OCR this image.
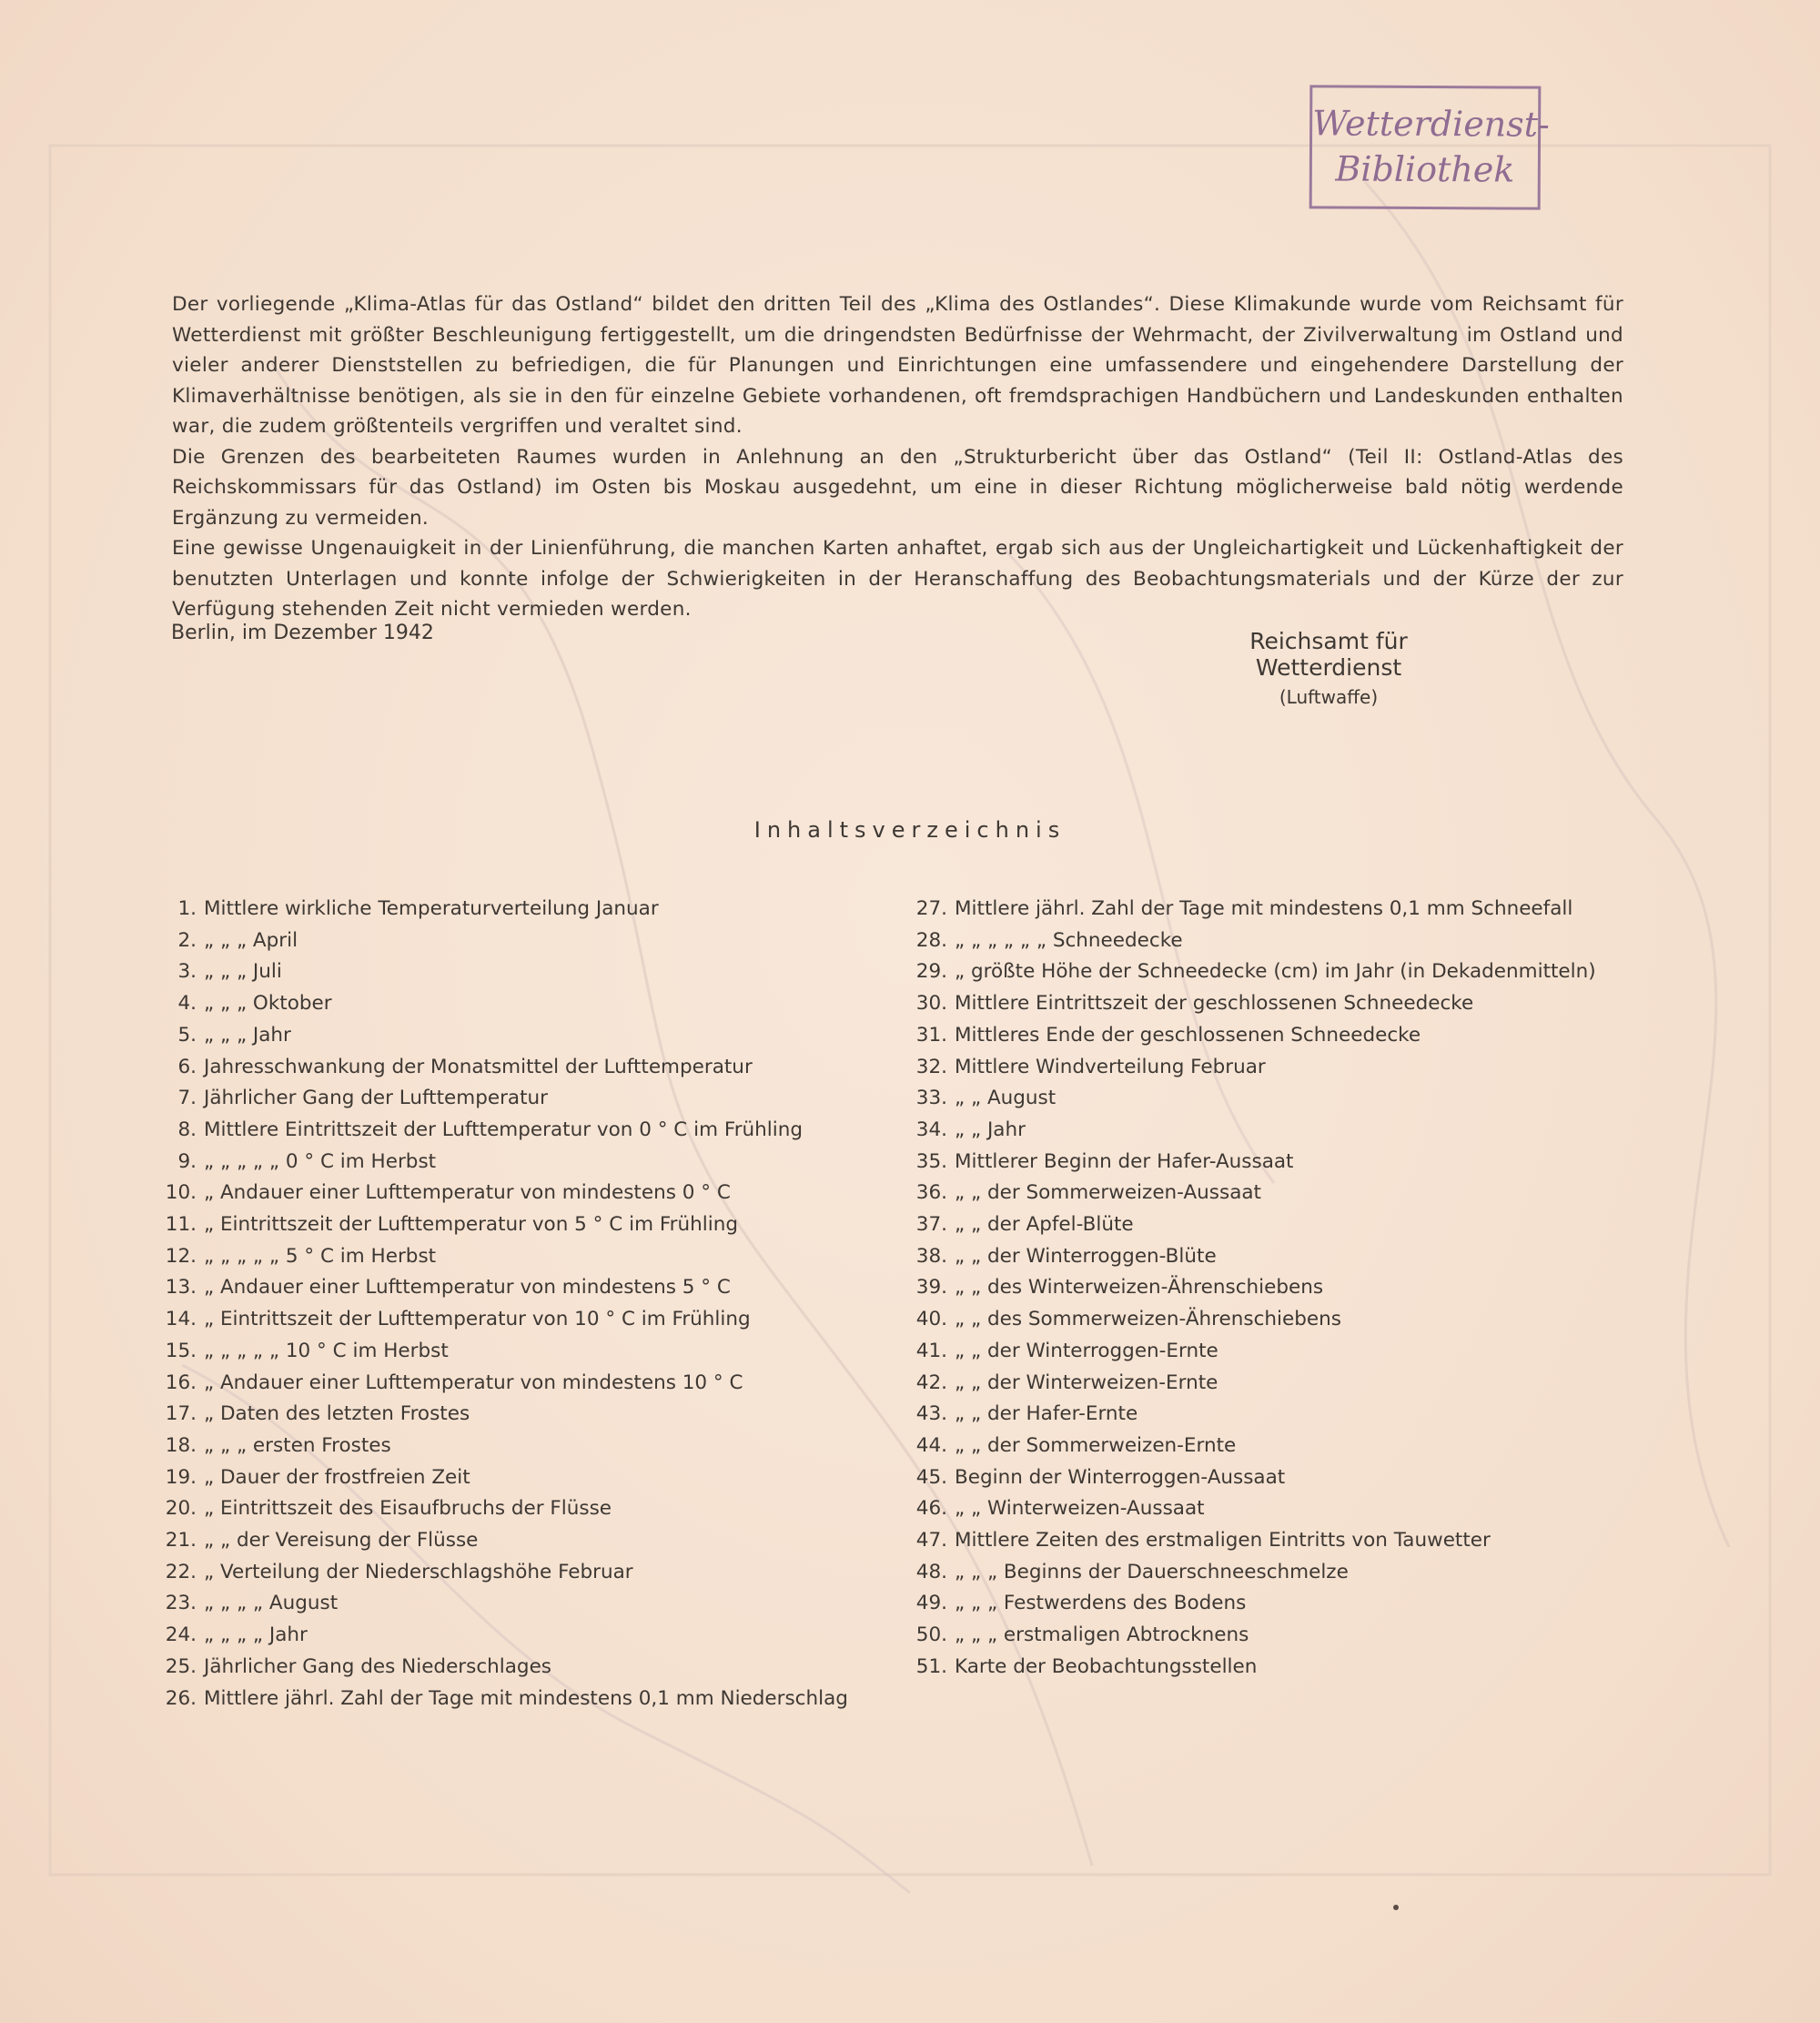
Wetterdienst-
Bibliothek

Der vorliegende „Klima-Atlas für das Ostland“ bildet den dritten Teil des „Klima des Ostlandes“. Diese Klimakunde wurde vom Reichsamt für Wetterdienst mit größter Beschleunigung fertiggestellt, um die dringendsten Bedürfnisse der Wehrmacht, der Zivilverwaltung im Ostland und vieler anderer Dienststellen zu befriedigen, die für Planungen und Einrichtungen eine umfassendere und eingehendere Darstellung der Klimaverhältnisse benötigen, als sie in den für einzelne Gebiete vorhandenen, oft fremdsprachigen Handbüchern und Landeskunden enthalten war, die zudem größtenteils vergriffen und veraltet sind.

Die Grenzen des bearbeiteten Raumes wurden in Anlehnung an den „Strukturbericht über das Ostland“ (Teil II: Ostland-Atlas des Reichskommissars für das Ostland) im Osten bis Moskau ausgedehnt, um eine in dieser Richtung möglicherweise bald nötig werdende Ergänzung zu vermeiden.

Eine gewisse Ungenauigkeit in der Linienführung, die manchen Karten anhaftet, ergab sich aus der Ungleichartigkeit und Lückenhaftigkeit der benutzten Unterlagen und konnte infolge der Schwierigkeiten in der Heranschaffung des Beobachtungsmaterials und der Kürze der zur Verfügung stehenden Zeit nicht vermieden werden.

Berlin, im Dezember 1942	Reichsamt für Wetterdienst
(Luftwaffe)
Inhaltsverzeichnis
1. Mittlere wirkliche Temperaturverteilung Januar
2. „ „ „ April
3. „ „ „ Juli
4. „ „ „ Oktober
5. „ „ „ Jahr
6. Jahresschwankung der Monatsmittel der Lufttemperatur
7. Jährlicher Gang der Lufttemperatur
8. Mittlere Eintrittszeit der Lufttemperatur von 0 ° C im Frühling
9. „ „ „ „ „ 0 ° C im Herbst
10. „ Andauer einer Lufttemperatur von mindestens 0 ° C
11. „ Eintrittszeit der Lufttemperatur von 5 ° C im Frühling
12. „ „ „ „ „ 5 ° C im Herbst
13. „ Andauer einer Lufttemperatur von mindestens 5 ° C
14. „ Eintrittszeit der Lufttemperatur von 10 ° C im Frühling
15. „ „ „ „ „ 10 ° C im Herbst
16. „ Andauer einer Lufttemperatur von mindestens 10 ° C
17. „ Daten des letzten Frostes
18. „ „ „ ersten Frostes
19. „ Dauer der frostfreien Zeit
20. „ Eintrittszeit des Eisaufbruchs der Flüsse
21. „ „ der Vereisung der Flüsse
22. „ Verteilung der Niederschlagshöhe Februar
23. „ „ „ „ August
24. „ „ „ „ Jahr
25. Jährlicher Gang des Niederschlages
26. Mittlere jährl. Zahl der Tage mit mindestens 0,1 mm Niederschlag
27. Mittlere jährl. Zahl der Tage mit mindestens 0,1 mm Schneefall
28. „ „ „ „ „ „ Schneedecke
29. „ größte Höhe der Schneedecke (cm) im Jahr (in Dekadenmitteln)
30. Mittlere Eintrittszeit der geschlossenen Schneedecke
31. Mittleres Ende der geschlossenen Schneedecke
32. Mittlere Windverteilung Februar
33. „ „ August
34. „ „ Jahr
35. Mittlerer Beginn der Hafer-Aussaat
36. „ „ der Sommerweizen-Aussaat
37. „ „ der Apfel-Blüte
38. „ „ der Winterroggen-Blüte
39. „ „ des Winterweizen-Ährenschiebens
40. „ „ des Sommerweizen-Ährenschiebens
41. „ „ der Winterroggen-Ernte
42. „ „ der Winterweizen-Ernte
43. „ „ der Hafer-Ernte
44. „ „ der Sommerweizen-Ernte
45. Beginn der Winterroggen-Aussaat
46. „ „ Winterweizen-Aussaat
47. Mittlere Zeiten des erstmaligen Eintritts von Tauwetter
48. „ „ „ Beginns der Dauerschneeschmelze
49. „ „ „ Festwerdens des Bodens
50. „ „ „ erstmaligen Abtrocknens
51. Karte der Beobachtungsstellen
